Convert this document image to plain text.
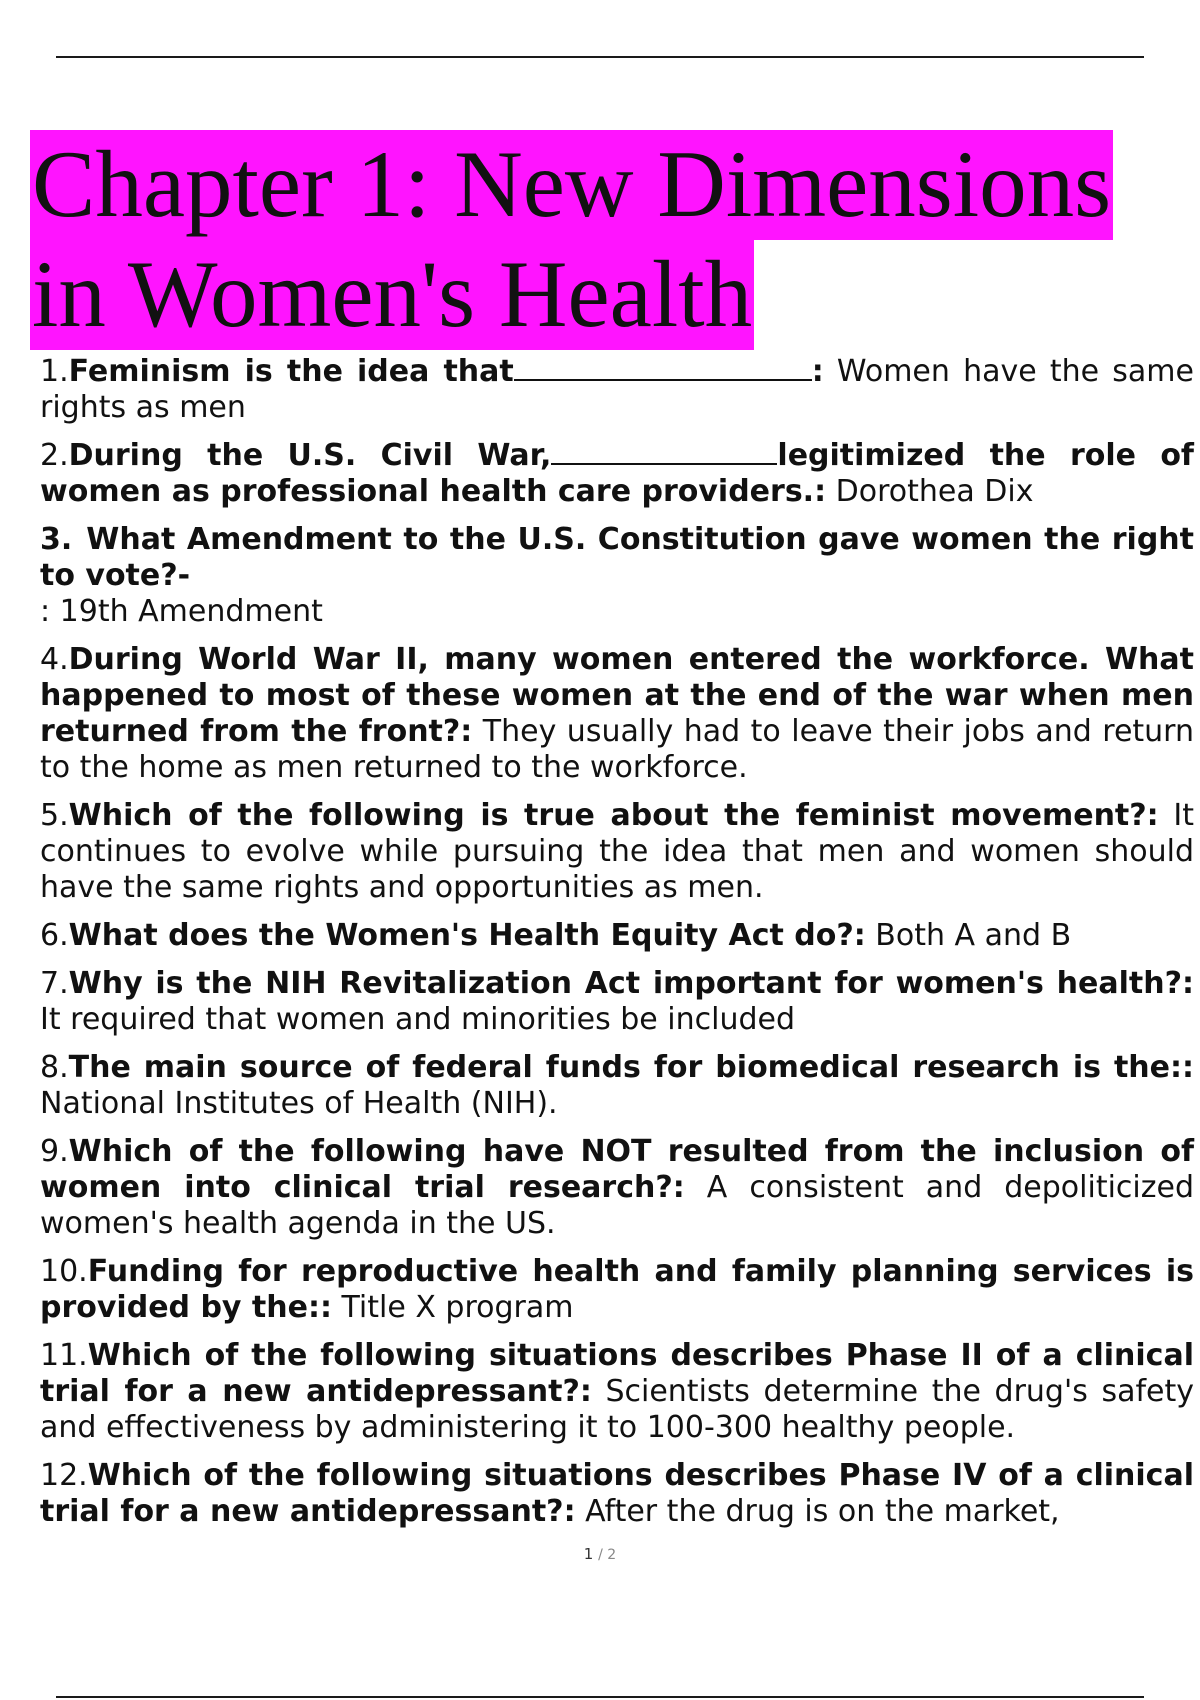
Chapter 1: New Dimensions
in Women's Health

1.Feminism is the idea that	: Women have the same rights as men

2.During the U.S. Civil War,	legitimized the role of women as professional health care providers.: Dorothea Dix

3. What Amendment to the U.S. Constitution gave women the right to vote?-
: 19th Amendment

4.During World War II, many women entered the workforce. What happened to most of these women at the end of the war when men returned from the front?: They usually had to leave their jobs and return to the home as men returned to the workforce.

5.Which of the following is true about the feminist movement?: It continues to evolve while pursuing the idea that men and women should have the same rights and opportunities as men.

6.What does the Women's Health Equity Act do?: Both A and B

7.Why is the NIH Revitalization Act important for women's health?: It required that women and minorities be included

8.The main source of federal funds for biomedical research is the:: National Institutes of Health (NIH).

9.Which of the following have NOT resulted from the inclusion of women into clinical trial research?: A consistent and depoliticized women's health agenda in the US.

10.Funding for reproductive health and family planning services is provided by the:: Title X program

11.Which of the following situations describes Phase II of a clinical trial for a new antidepressant?: Scientists determine the drug's safety and effectiveness by administering it to 100-300 healthy people.

12.Which of the following situations describes Phase IV of a clinical trial for a new antidepressant?: After the drug is on the market,

1 / 2
